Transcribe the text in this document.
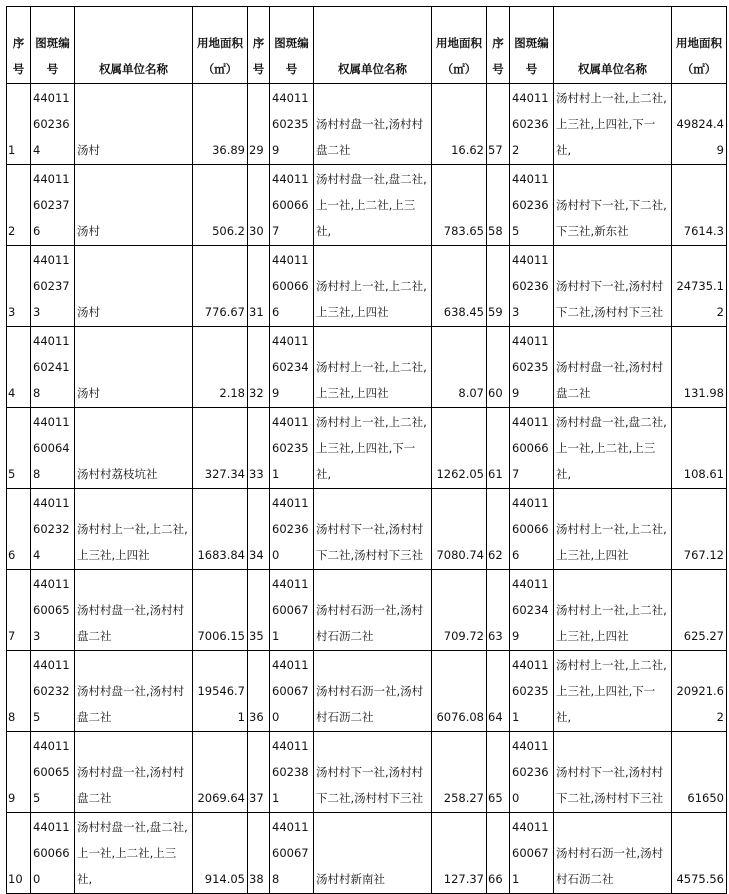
序号	图斑编号	权属单位名称	用地面积（㎡）	序号	图斑编号	权属单位名称	用地面积（㎡）	序号	图斑编号	权属单位名称	用地面积（㎡）
1	44011602364	汤村	36.89	29	44011602359	汤村村盘一社,汤村村盘二社	16.62	57	44011602362	汤村村上一社,上二社,上三社,上四社,下一社,	49824.49
2	44011602376	汤村	506.2	30	44011600667	汤村村盘一社,盘二社,上一社,上二社,上三社,	783.65	58	44011602365	汤村村下一社,下二社,下三社,新东社	7614.3
3	44011602373	汤村	776.67	31	44011600666	汤村村上一社,上二社,上三社,上四社	638.45	59	44011602363	汤村村下一社,汤村村下二社,汤村村下三社	24735.12
4	44011602418	汤村	2.18	32	44011602349	汤村村上一社,上二社,上三社,上四社	8.07	60	44011602359	汤村村盘一社,汤村村盘二社	131.98
5	44011600648	汤村村荔枝坑社	327.34	33	44011602351	汤村村上一社,上二社,上三社,上四社,下一社,	1262.05	61	44011600667	汤村村盘一社,盘二社,上一社,上二社,上三社,	108.61
6	44011602324	汤村村上一社,上二社,上三社,上四社	1683.84	34	44011602360	汤村村下一社,汤村村下二社,汤村村下三社	7080.74	62	44011600666	汤村村上一社,上二社,上三社,上四社	767.12
7	44011600653	汤村村盘一社,汤村村盘二社	7006.15	35	44011600671	汤村村石沥一社,汤村村石沥二社	709.72	63	44011602349	汤村村上一社,上二社,上三社,上四社	625.27
8	44011602325	汤村村盘一社,汤村村盘二社	19546.71	36	44011600670	汤村村石沥一社,汤村村石沥二社	6076.08	64	44011602351	汤村村上一社,上二社,上三社,上四社,下一社,	20921.62
9	44011600655	汤村村盘一社,汤村村盘二社	2069.64	37	44011602381	汤村村下一社,汤村村下二社,汤村村下三社	258.27	65	44011602360	汤村村下一社,汤村村下二社,汤村村下三社	61650
10	44011600660	汤村村盘一社,盘二社,上一社,上二社,上三社,	914.05	38	44011600678	汤村村新南社	127.37	66	44011600671	汤村村石沥一社,汤村村石沥二社	4575.56
